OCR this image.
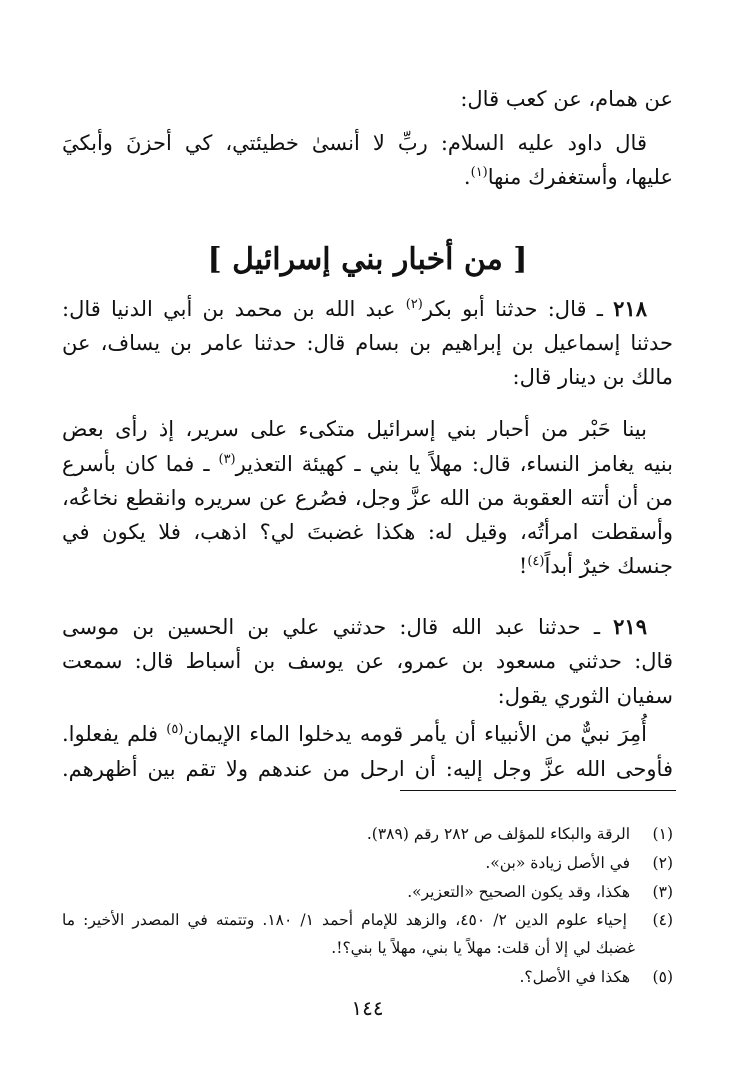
عن همام، عن كعب قال:
قال داود عليه السلام: ربِّ لا أنسىٰ خطيئتي، كي أحزنَ وأبكيَ
عليها، وأستغفرك منها$^{(١)}$.
[ من أخبار بني إسرائيل ]
٢١٨ ـ قال: حدثنا أبو بكر$^{(٢)}$ عبد الله بن محمد بن أبي الدنيا قال:
حدثنا إسماعيل بن إبراهيم بن بسام قال: حدثنا عامر بن يساف، عن
مالك بن دينار قال:
بينا حَبْر من أحبار بني إسرائيل متكىء على سرير، إذ رأى بعض
بنيه يغامز النساء، قال: مهلاً يا بني ـ كهيئة التعذير$^{(٣)}$ ـ فما كان بأسرع
من أن أتته العقوبة من الله عزَّ وجل، فصُرع عن سريره وانقطع نخاعُه،
وأسقطت امرأتُه، وقيل له: هكذا غضبتَ لي؟ اذهب، فلا يكون في
جنسك خيرٌ أبداً$^{(٤)}$!
٢١٩ ـ حدثنا عبد الله قال: حدثني علي بن الحسين بن موسى
قال: حدثني مسعود بن عمرو، عن يوسف بن أسباط قال: سمعت
سفيان الثوري يقول:
أُمِرَ نبيٌّ من الأنبياء أن يأمر قومه يدخلوا الماء الإيمان$^{(٥)}$ فلم يفعلوا.
فأوحى الله عزَّ وجل إليه: أن ارحل من عندهم ولا تقم بين أظهرهم.
(١) الرقة والبكاء للمؤلف ص ٢٨٢ رقم (٣٨٩).
(٢) في الأصل زيادة «بن».
(٣) هكذا، وقد يكون الصحيح «التعزير».
(٤) إحياء علوم الدين ٢/ ٤٥٠، والزهد للإمام أحمد ١/ ١٨٠. وتتمته في المصدر الأخير: ما
غضبك لي إلا أن قلت: مهلاً يا بني، مهلاً يا بني؟!.
(٥) هكذا في الأصل؟.
١٤٤
